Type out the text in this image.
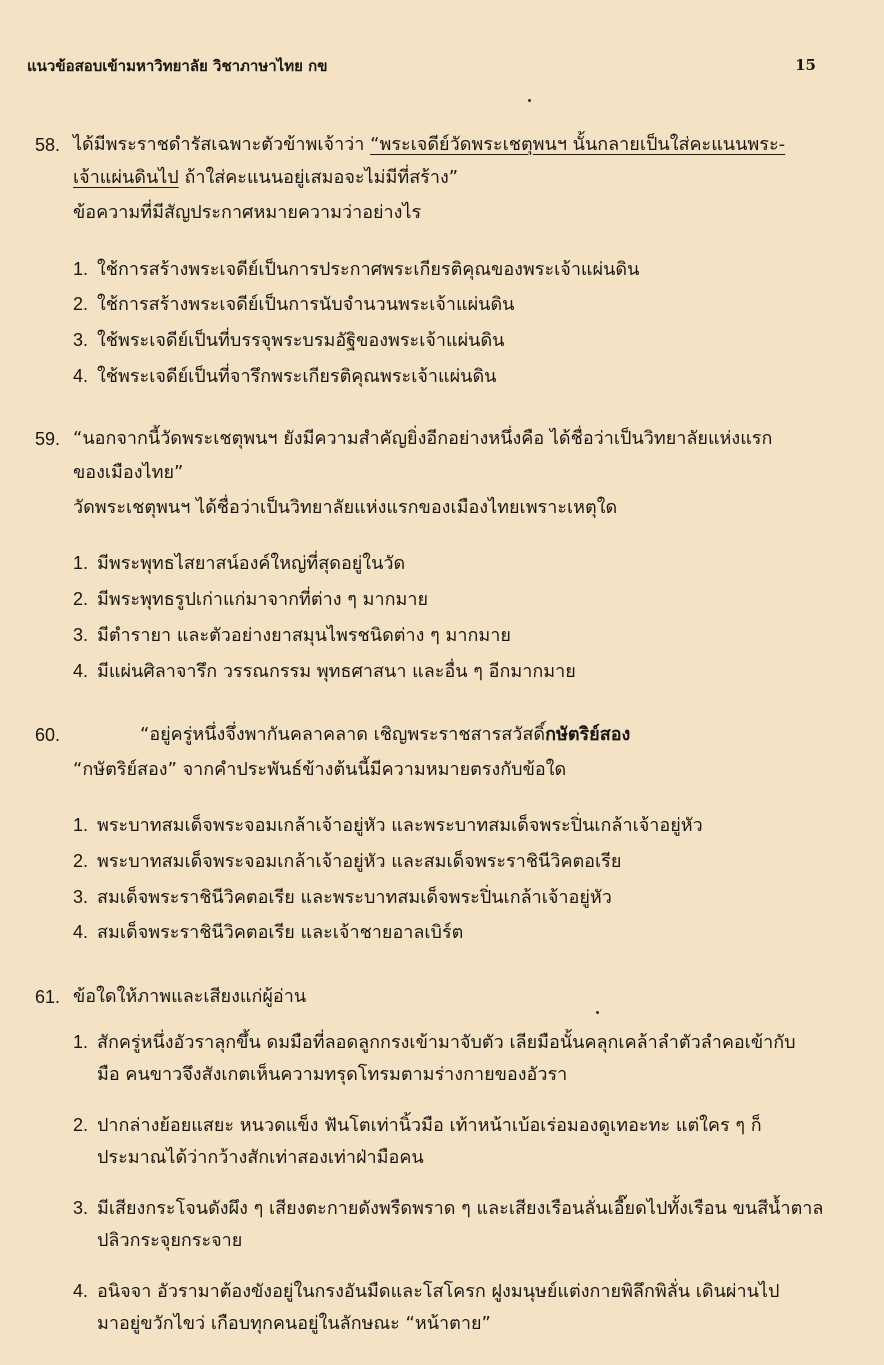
แนวข้อสอบเข้ามหาวิทยาลัย วิชาภาษาไทย กข	15
58. ได้มีพระราชดำรัสเฉพาะตัวข้าพเจ้าว่า “พระเจดีย์วัดพระเชตุพนฯ นั้นกลายเป็นใส่คะแนนพระ-
เจ้าแผ่นดินไป ถ้าใส่คะแนนอยู่เสมอจะไม่มีที่สร้าง”
ข้อความที่มีสัญประกาศหมายความว่าอย่างไร
1. ใช้การสร้างพระเจดีย์เป็นการประกาศพระเกียรติคุณของพระเจ้าแผ่นดิน
2. ใช้การสร้างพระเจดีย์เป็นการนับจำนวนพระเจ้าแผ่นดิน
3. ใช้พระเจดีย์เป็นที่บรรจุพระบรมอัฐิของพระเจ้าแผ่นดิน
4. ใช้พระเจดีย์เป็นที่จารึกพระเกียรติคุณพระเจ้าแผ่นดิน
59. “นอกจากนี้วัดพระเชตุพนฯ ยังมีความสำคัญยิ่งอีกอย่างหนึ่งคือ ได้ชื่อว่าเป็นวิทยาลัยแห่งแรก
ของเมืองไทย”
วัดพระเชตุพนฯ ได้ชื่อว่าเป็นวิทยาลัยแห่งแรกของเมืองไทยเพราะเหตุใด
1. มีพระพุทธไสยาสน์องค์ใหญ่ที่สุดอยู่ในวัด
2. มีพระพุทธรูปเก่าแก่มาจากที่ต่าง ๆ มากมาย
3. มีตำรายา และตัวอย่างยาสมุนไพรชนิดต่าง ๆ มากมาย
4. มีแผ่นศิลาจารึก วรรณกรรม พุทธศาสนา และอื่น ๆ อีกมากมาย
60.	“อยู่ครู่หนึ่งจึ่งพากันคลาคลาด เชิญพระราชสารสวัสดิ์กษัตริย์สอง
“กษัตริย์สอง” จากคำประพันธ์ข้างต้นนี้มีความหมายตรงกับข้อใด
1. พระบาทสมเด็จพระจอมเกล้าเจ้าอยู่หัว และพระบาทสมเด็จพระปิ่นเกล้าเจ้าอยู่หัว
2. พระบาทสมเด็จพระจอมเกล้าเจ้าอยู่หัว และสมเด็จพระราชินีวิคตอเรีย
3. สมเด็จพระราชินีวิคตอเรีย และพระบาทสมเด็จพระปิ่นเกล้าเจ้าอยู่หัว
4. สมเด็จพระราชินีวิคตอเรีย และเจ้าชายอาลเบิร์ต
61. ข้อใดให้ภาพและเสียงแก่ผู้อ่าน
1. สักครู่หนึ่งอัวราลุกขึ้น ดมมือที่ลอดลูกกรงเข้ามาจับตัว เลียมือนั้นคลุกเคล้าลำตัวลำคอเข้ากับ
มือ คนขาวจึงสังเกตเห็นความทรุดโทรมตามร่างกายของอัวรา
2. ปากล่างย้อยแสยะ หนวดแข็ง ฟันโตเท่านิ้วมือ เท้าหน้าเบ้อเร่อมองดูเทอะทะ แต่ใคร ๆ ก็
ประมาณได้ว่ากว้างสักเท่าสองเท่าฝ่ามือคน
3. มีเสียงกระโจนดังผึง ๆ เสียงตะกายดังพรืดพราด ๆ และเสียงเรือนลั่นเอี๊ยดไปทั้งเรือน ขนสีน้ำตาล
ปลิวกระจุยกระจาย
4. อนิจจา อัวรามาต้องขังอยู่ในกรงอันมืดและโสโครก ฝูงมนุษย์แต่งกายพิลึกพิลั่น เดินผ่านไป
มาอยู่ขวักไขว่ เกือบทุกคนอยู่ในลักษณะ “หน้าตาย”
